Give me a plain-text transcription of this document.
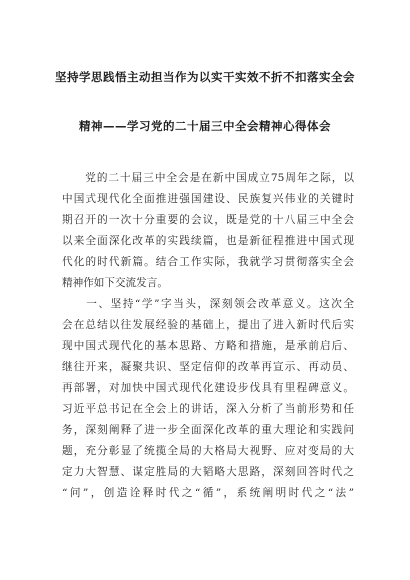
坚持学思践悟主动担当作为以实干实效不折不扣落实全会
精神——学习党的二十届三中全会精神心得体会
　　党的二十届三中全会是在新中国成立75周年之际，以
中国式现代化全面推进强国建设、民族复兴伟业的关键时
期召开的一次十分重要的会议，既是党的十八届三中全会
以来全面深化改革的实践续篇，也是新征程推进中国式现
代化的时代新篇。结合工作实际，我就学习贯彻落实全会
精神作如下交流发言。
　　一、坚持“学”字当头，深刻领会改革意义。这次全
会在总结以往发展经验的基础上，提出了进入新时代后实
现中国式现代化的基本思路、方略和措施，是承前启后、
继往开来，凝聚共识、坚定信仰的改革再宣示、再动员、
再部署，对加快中国式现代化建设步伐具有里程碑意义。
习近平总书记在全会上的讲话，深入分析了当前形势和任
务，深刻阐释了进一步全面深化改革的重大理论和实践问
题，充分彰显了统揽全局的大格局大视野、应对变局的大
定力大智慧、谋定胜局的大韬略大思路，深刻回答时代之
“问”，创造诠释时代之“循”，系统阐明时代之“法”
